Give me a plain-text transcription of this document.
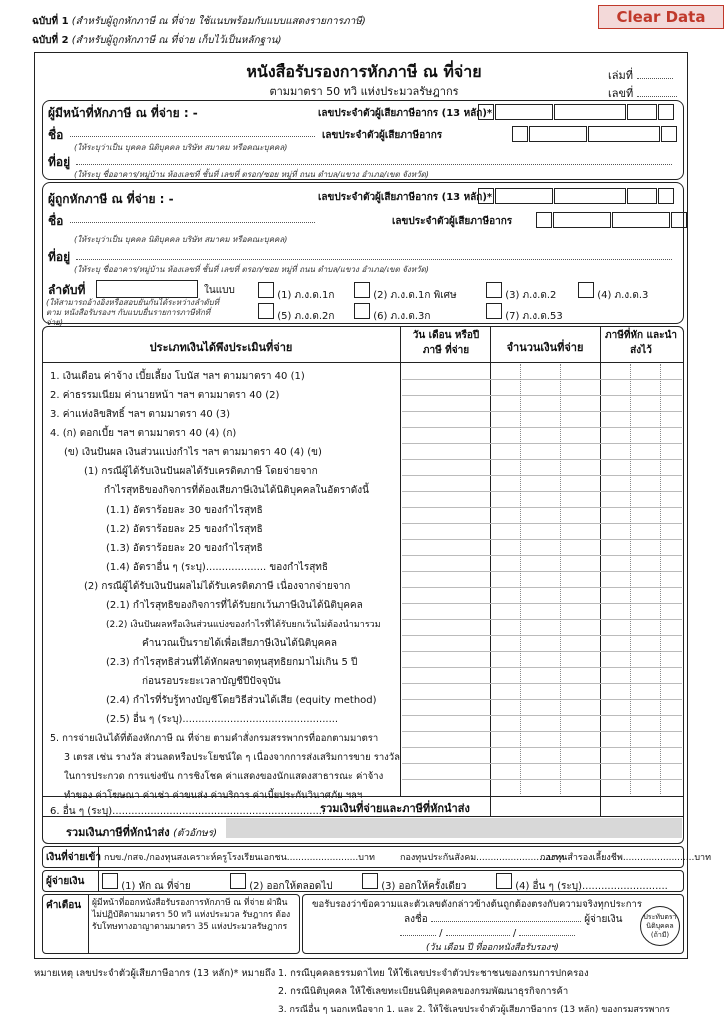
ฉบับที่ 1 (สำหรับผู้ถูกหักภาษี ณ ที่จ่าย ใช้แนบพร้อมกับแบบแสดงรายการภาษี)
ฉบับที่ 2 (สำหรับผู้ถูกหักภาษี ณ ที่จ่าย เก็บไว้เป็นหลักฐาน)
Clear Data
หนังสือรับรองการหักภาษี ณ ที่จ่าย
ตามมาตรา 50 ทวิ แห่งประมวลรัษฎากร
เล่มที่
เลขที่
ผู้มีหน้าที่หักภาษี ณ ที่จ่าย : -	เลขประจำตัวผู้เสียภาษีอากร (13 หลัก)*
ชื่อ	เลขประจำตัวผู้เสียภาษีอากร
(ให้ระบุว่าเป็น บุคคล นิติบุคคล บริษัท สมาคม หรือคณะบุคคล)
ที่อยู่
(ให้ระบุ ชื่ออาคาร/หมู่บ้าน ห้องเลขที่ ชั้นที่ เลขที่ ตรอก/ซอย หมู่ที่ ถนน ตำบล/แขวง อำเภอ/เขต จังหวัด)
ผู้ถูกหักภาษี ณ ที่จ่าย : -	เลขประจำตัวผู้เสียภาษีอากร (13 หลัก)*
ชื่อ	เลขประจำตัวผู้เสียภาษีอากร
(ให้ระบุว่าเป็น บุคคล นิติบุคคล บริษัท สมาคม หรือคณะบุคคล)
ที่อยู่
(ให้ระบุ ชื่ออาคาร/หมู่บ้าน ห้องเลขที่ ชั้นที่ เลขที่ ตรอก/ซอย หมู่ที่ ถนน ตำบล/แขวง อำเภอ/เขต จังหวัด)
ลำดับที่	ในแบบ
(ให้สามารถอ้างอิงหรือสอบยันกันได้ระหว่างลำดับที่ตาม หนังสือรับรองฯ กับแบบยื่นรายการภาษีหักที่จ่าย)
(1) ภ.ง.ด.1ก	(2) ภ.ง.ด.1ก พิเศษ	(3) ภ.ง.ด.2	(4) ภ.ง.ด.3
(5) ภ.ง.ด.2ก	(6) ภ.ง.ด.3ก	(7) ภ.ง.ด.53
ประเภทเงินได้พึงประเมินที่จ่าย
วัน เดือน หรือปีภาษี ที่จ่าย	จำนวนเงินที่จ่าย
ภาษีที่หัก และนำส่งไว้
1. เงินเดือน ค่าจ้าง เบี้ยเลี้ยง โบนัส ฯลฯ ตามมาตรา 40 (1)
2. ค่าธรรมเนียม ค่านายหน้า ฯลฯ ตามมาตรา 40 (2)
3. ค่าแห่งลิขสิทธิ์ ฯลฯ ตามมาตรา 40 (3)
4. (ก) ดอกเบี้ย ฯลฯ ตามมาตรา 40 (4) (ก)
(ข) เงินปันผล เงินส่วนแบ่งกำไร ฯลฯ ตามมาตรา 40 (4) (ข)
(1) กรณีผู้ได้รับเงินปันผลได้รับเครดิตภาษี โดยจ่ายจาก
กำไรสุทธิของกิจการที่ต้องเสียภาษีเงินได้นิติบุคคลในอัตราดังนี้
(1.1) อัตราร้อยละ 30 ของกำไรสุทธิ
(1.2) อัตราร้อยละ 25 ของกำไรสุทธิ
(1.3) อัตราร้อยละ 20 ของกำไรสุทธิ
(1.4) อัตราอื่น ๆ (ระบุ)................... ของกำไรสุทธิ
(2) กรณีผู้ได้รับเงินปันผลไม่ได้รับเครดิตภาษี เนื่องจากจ่ายจาก
(2.1) กำไรสุทธิของกิจการที่ได้รับยกเว้นภาษีเงินได้นิติบุคคล
(2.2) เงินปันผลหรือเงินส่วนแบ่งของกำไรที่ได้รับยกเว้นไม่ต้องนำมารวม
คำนวณเป็นรายได้เพื่อเสียภาษีเงินได้นิติบุคคล
(2.3) กำไรสุทธิส่วนที่ได้หักผลขาดทุนสุทธิยกมาไม่เกิน 5 ปี
ก่อนรอบระยะเวลาบัญชีปีปัจจุบัน
(2.4) กำไรที่รับรู้ทางบัญชีโดยวิธีส่วนได้เสีย (equity method)
(2.5) อื่น ๆ (ระบุ).................................................
5. การจ่ายเงินได้ที่ต้องหักภาษี ณ ที่จ่าย ตามคำสั่งกรมสรรพากรที่ออกตามมาตรา
3 เตรส เช่น รางวัล ส่วนลดหรือประโยชน์ใด ๆ เนื่องจากการส่งเสริมการขาย รางวัล
ในการประกวด การแข่งขัน การชิงโชค ค่าแสดงของนักแสดงสาธารณะ ค่าจ้าง
ทำของ ค่าโฆษณา ค่าเช่า ค่าขนส่ง ค่าบริการ ค่าเบี้ยประกันวินาศภัย ฯลฯ
6. อื่น ๆ (ระบุ)...................................................................
รวมเงินที่จ่ายและภาษีที่หักนำส่ง
รวมเงินภาษีที่หักนำส่ง (ตัวอักษร)
เงินที่จ่ายเข้า กบข./กสจ./กองทุนสงเคราะห์ครูโรงเรียนเอกชน.........................บาท	กองทุนประกันสังคม.........................บาท
กองทุนสำรองเลี้ยงชีพ.........................บาท
ผู้จ่ายเงิน	(1) หัก ณ ที่จ่าย	(2) ออกให้ตลอดไป	(3) ออกให้ครั้งเดียว	(4) อื่น ๆ (ระบุ)...........................
คำเตือน ผู้มีหน้าที่ออกหนังสือรับรองการหักภาษี ณ ที่จ่าย ฝ่าฝืนไม่ปฏิบัติตามมาตรา 50 ทวิ แห่งประมวล รัษฎากร ต้องรับโทษทางอาญาตามมาตรา 35 แห่งประมวลรัษฎากร
ขอรับรองว่าข้อความและตัวเลขดังกล่าวข้างต้นถูกต้องตรงกับความจริงทุกประการ
ลงชื่อ	ผู้จ่ายเงิน
/	/
(วัน เดือน ปี ที่ออกหนังสือรับรองฯ)
ประทับตรา นิติบุคคล (ถ้ามี)
หมายเหตุ เลขประจำตัวผู้เสียภาษีอากร (13 หลัก)* หมายถึง 1. กรณีบุคคลธรรมดาไทย ให้ใช้เลขประจำตัวประชาชนของกรมการปกครอง
2. กรณีนิติบุคคล ให้ใช้เลขทะเบียนนิติบุคคลของกรมพัฒนาธุรกิจการค้า
3. กรณีอื่น ๆ นอกเหนือจาก 1. และ 2. ให้ใช้เลขประจำตัวผู้เสียภาษีอากร (13 หลัก) ของกรมสรรพากร
